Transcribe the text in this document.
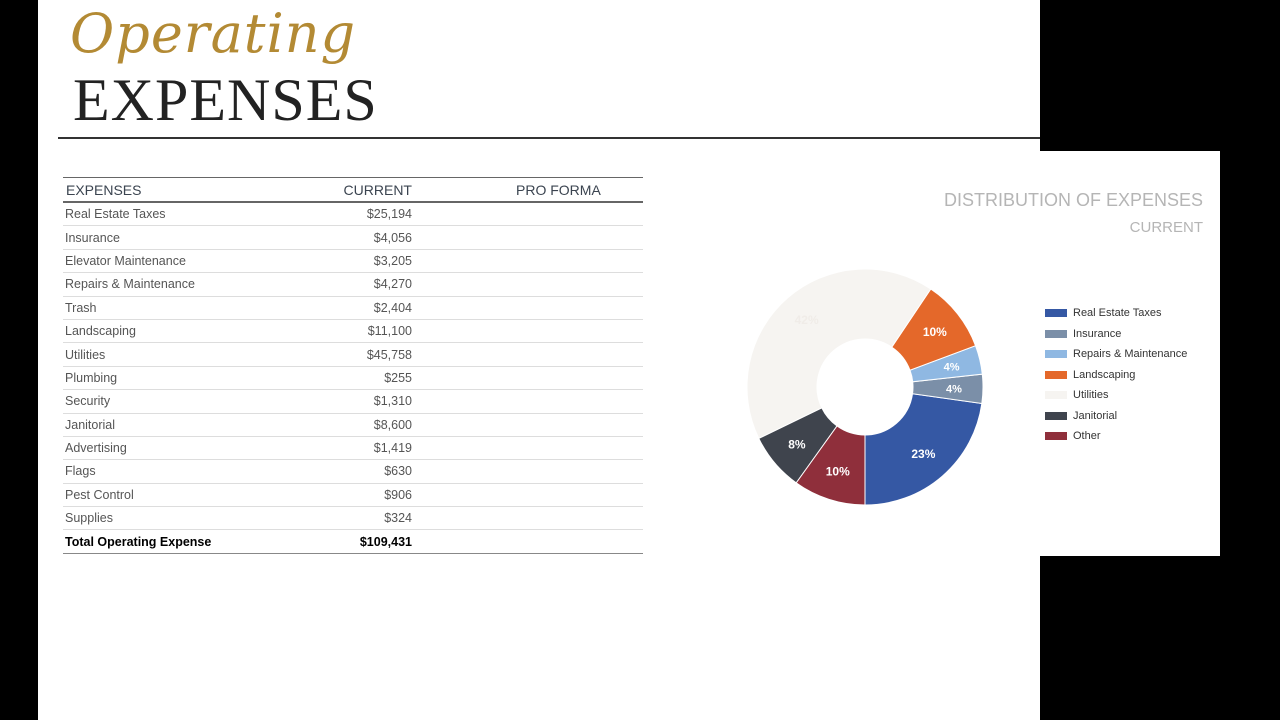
Operating
EXPENSES
EXPENSES	CURRENT	PRO FORMA
Real Estate Taxes	$25,194	
Insurance	$4,056	
Elevator Maintenance	$3,205	
Repairs & Maintenance	$4,270	
Trash	$2,404	
Landscaping	$11,100	
Utilities	$45,758	
Plumbing	$255	
Security	$1,310	
Janitorial	$8,600	
Advertising	$1,419	
Flags	$630	
Pest Control	$906	
Supplies	$324	
Total Operating Expense	$109,431	
DISTRIBUTION OF EXPENSES
CURRENT
23%
4%
4%
10%
42%
8%
10%
Real Estate Taxes
Insurance
Repairs & Maintenance
Landscaping
Utilities
Janitorial
Other
